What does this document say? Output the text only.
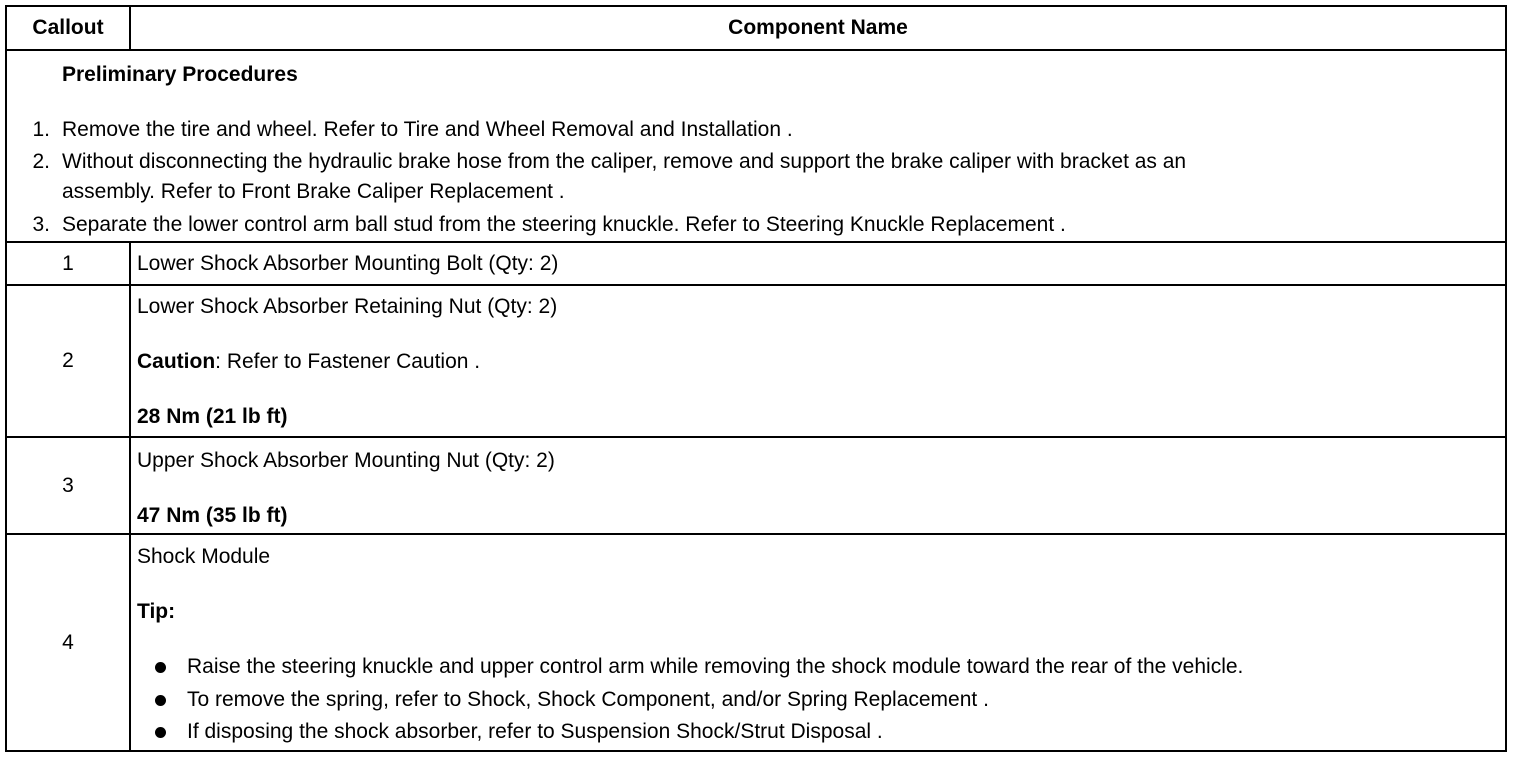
Callout	Component Name
Preliminary Procedures
1. Remove the tire and wheel. Refer to Tire and Wheel Removal and Installation .
2. Without disconnecting the hydraulic brake hose from the caliper, remove and support the brake caliper with bracket as an
assembly. Refer to Front Brake Caliper Replacement .
3. Separate the lower control arm ball stud from the steering knuckle. Refer to Steering Knuckle Replacement .
1	Lower Shock Absorber Mounting Bolt (Qty: 2)
2
Lower Shock Absorber Retaining Nut (Qty: 2)
Caution: Refer to Fastener Caution .
28 Nm (21 lb ft)
3
Upper Shock Absorber Mounting Nut (Qty: 2)
47 Nm (35 lb ft)
4
Shock Module
Tip:
Raise the steering knuckle and upper control arm while removing the shock module toward the rear of the vehicle.
To remove the spring, refer to Shock, Shock Component, and/or Spring Replacement .
If disposing the shock absorber, refer to Suspension Shock/Strut Disposal .
